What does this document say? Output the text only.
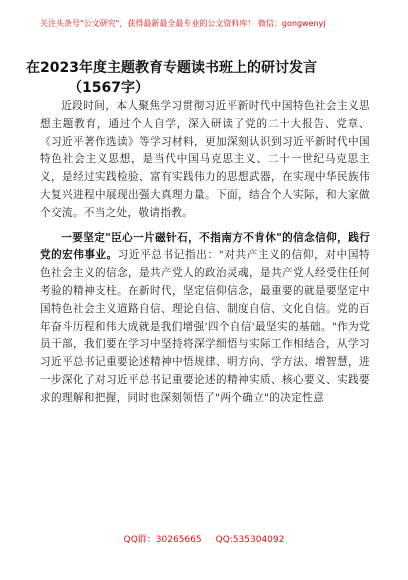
关注头条号"公文研究"，获得最新最全最专业的公文资料库！ 微信：gongwenyj
在2023年度主题教育专题读书班上的研讨发言
（1567字）

近段时间，本人聚焦学习贯彻习近平新时代中国特色社会主义思想主题教育，通过个人自学，深入研读了党的二十大报告、党章、《习近平著作选读》等学习材料，更加深刻认识到习近平新时代中国特色社会主义思想，是当代中国马克思主义、二十一世纪马克思主义，是经过实践检验、富有实践伟力的思想武器，在实现中华民族伟大复兴进程中展现出强大真理力量。下面，结合个人实际，和大家做个交流。不当之处，敬请指教。

一要坚定"臣心一片磁针石，不指南方不肯休"的信念信仰，践行党的宏伟事业。习近平总书记指出："对共产主义的信仰，对中国特色社会主义的信念，是共产党人的政治灵魂，是共产党人经受住任何考验的精神支柱。在新时代，坚定信仰信念，最重要的就是要坚定中国特色社会主义道路自信、理论自信、制度自信、文化自信。党的百年奋斗历程和伟大成就是我们增强'四个自信'最坚实的基础。"作为党员干部，我们要在学习中坚持将深学细悟与实际工作相结合，从学习习近平总书记重要论述精神中悟规律、明方向、学方法、增智慧，进一步深化了对习近平总书记重要论述的精神实质、核心要义、实践要求的理解和把握，同时也深刻领悟了"两个确立"的决定性意

QQ群：30265665 QQ:535304092
